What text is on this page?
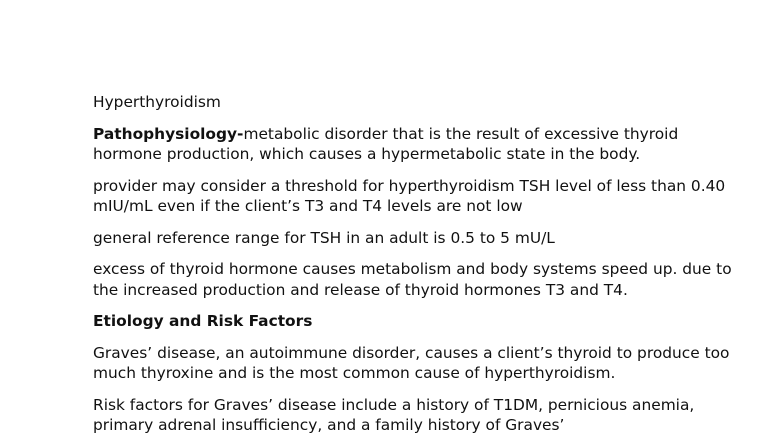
Hyperthyroidism

Pathophysiology-metabolic disorder that is the result of excessive thyroid hormone production, which causes a hypermetabolic state in the body.

provider may consider a threshold for hyperthyroidism TSH level of less than 0.40 mIU/mL even if the client’s T3 and T4 levels are not low

general reference range for TSH in an adult is 0.5 to 5 mU/L

excess of thyroid hormone causes metabolism and body systems speed up. due to the increased production and release of thyroid hormones T3 and T4.

Etiology and Risk Factors

Graves’ disease, an autoimmune disorder, causes a client’s thyroid to produce too much thyroxine and is the most common cause of hyperthyroidism.

Risk factors for Graves’ disease include a history of T1DM, pernicious anemia, primary adrenal insufficiency, and a family history of Graves’
